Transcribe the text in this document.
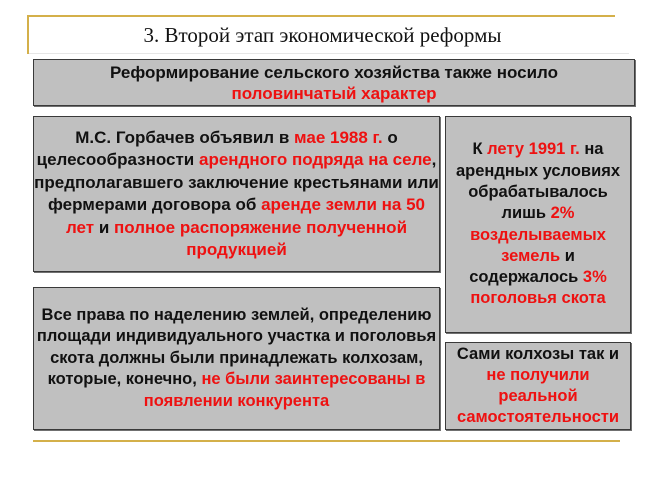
3. Второй этап экономической реформы
Реформирование сельского хозяйства также носило
половинчатый характер
М.С. Горбачев объявил в мае 1988 г. о целесообразности арендного подряда на селе, предполагавшего заключение крестьянами или фермерами договора об аренде земли на 50 лет и полное распоряжение полученной продукцией
Все права по наделению землей, определению площади индивидуального участка и поголовья скота должны были принадлежать колхозам, которые, конечно, не были заинтересованы в появлении конкурента
К лету 1991 г. на арендных условиях обрабатывалось лишь 2% возделываемых земель и содержалось 3% поголовья скота
Сами колхозы так и не получили реальной самостоятельности
